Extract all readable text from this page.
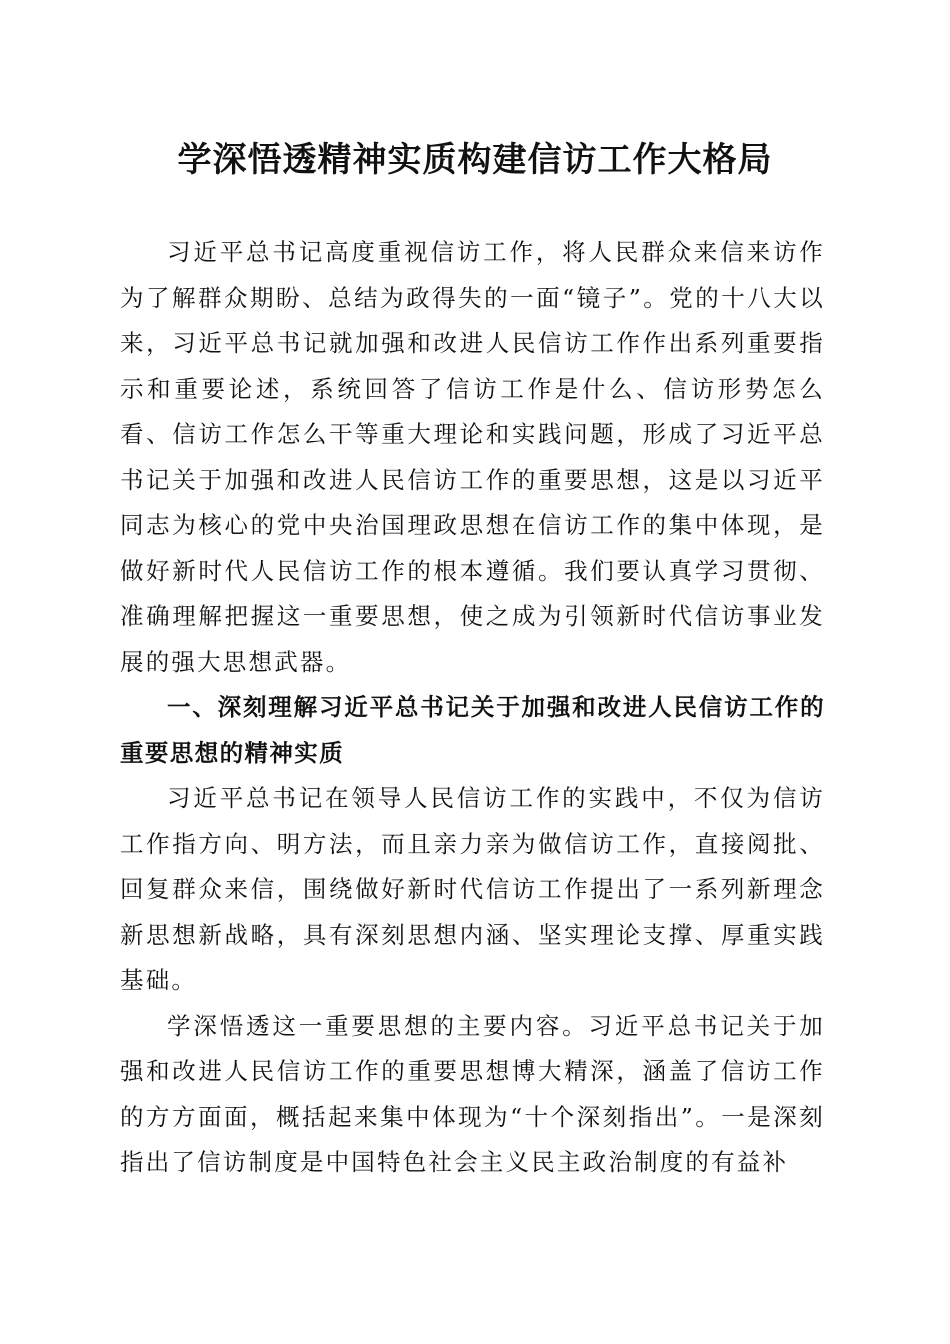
学深悟透精神实质构建信访工作大格局

习近平总书记高度重视信访工作，将人民群众来信来访作为了解群众期盼、总结为政得失的一面“镜子”。党的十八大以来，习近平总书记就加强和改进人民信访工作作出系列重要指示和重要论述，系统回答了信访工作是什么、信访形势怎么看、信访工作怎么干等重大理论和实践问题，形成了习近平总书记关于加强和改进人民信访工作的重要思想，这是以习近平同志为核心的党中央治国理政思想在信访工作的集中体现，是做好新时代人民信访工作的根本遵循。我们要认真学习贯彻、准确理解把握这一重要思想，使之成为引领新时代信访事业发展的强大思想武器。

一、深刻理解习近平总书记关于加强和改进人民信访工作的重要思想的精神实质

习近平总书记在领导人民信访工作的实践中，不仅为信访工作指方向、明方法，而且亲力亲为做信访工作，直接阅批、回复群众来信，围绕做好新时代信访工作提出了一系列新理念新思想新战略，具有深刻思想内涵、坚实理论支撑、厚重实践基础。

学深悟透这一重要思想的主要内容。习近平总书记关于加强和改进人民信访工作的重要思想博大精深，涵盖了信访工作的方方面面，概括起来集中体现为“十个深刻指出”。一是深刻指出了信访制度是中国特色社会主义民主政治制度的有益补
